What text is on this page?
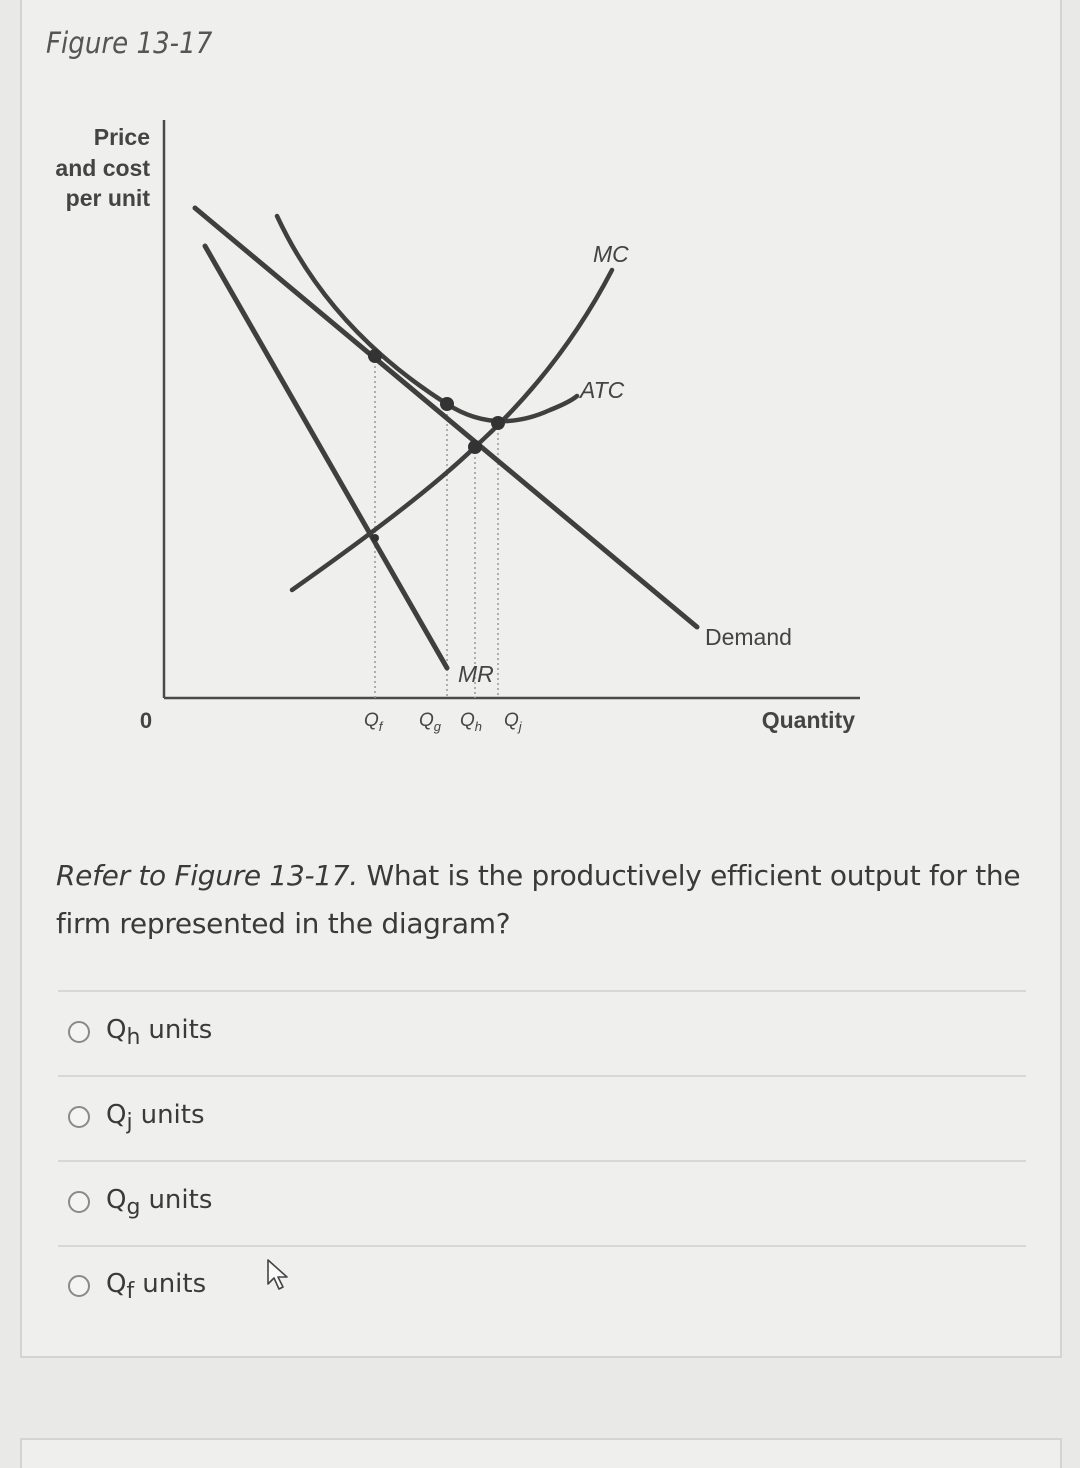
Figure 13-17
Price
and cost
per unit
0	Quantity
MC
ATC
Demand
MR
$Q_f$ $Q_g$ $Q_h$ $Q_j$
Refer to Figure 13-17. What is the productively efficient output for the firm represented in the diagram?
$Q_h$ units
$Q_j$ units
$Q_g$ units
$Q_f$ units
